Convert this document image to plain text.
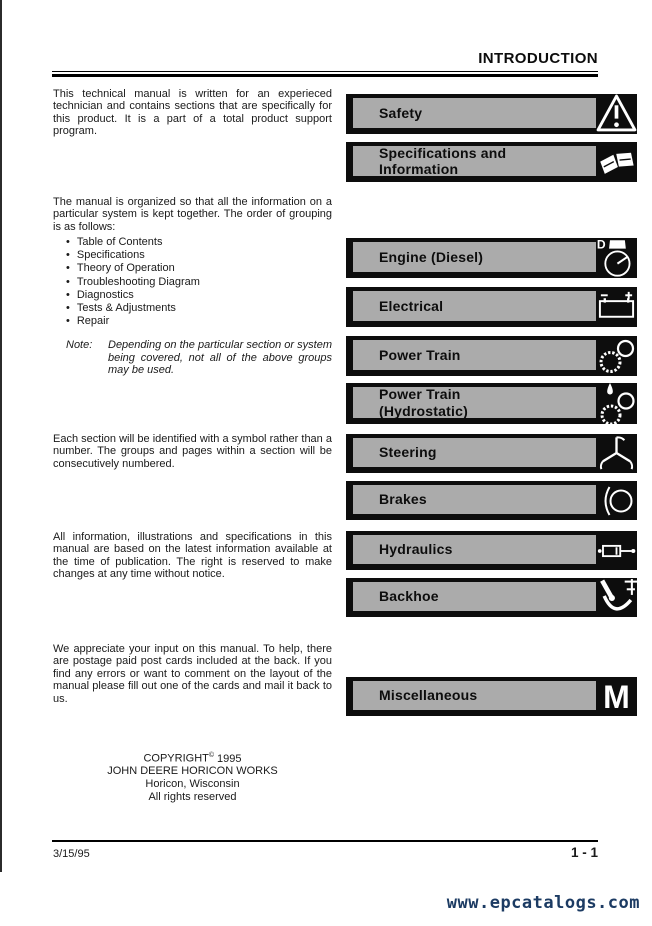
INTRODUCTION
This technical manual is written for an experieced technician and contains sections that are specifically for this product. It is a part of a total product support program.
The manual is organized so that all the information on a particular system is kept together. The order of grouping is as follows:
• Table of Contents
• Specifications
• Theory of Operation
• Troubleshooting Diagram
• Diagnostics
• Tests & Adjustments
• Repair
Note:	Depending on the particular section or system being covered, not all of the above groups may be used.
Each section will be identified with a symbol rather than a number. The groups and pages within a section will be consecutively numbered.
All information, illustrations and specifications in this manual are based on the latest information available at the time of publication. The right is reserved to make changes at any time without notice.
We appreciate your input on this manual. To help, there are postage paid post cards included at the back. If you find any errors or want to comment on the layout of the manual please fill out one of the cards and mail it back to us.
COPYRIGHT© 1995
JOHN DEERE HORICON WORKS
Horicon, Wisconsin
All rights reserved
Safety
Specifications and
Information
Engine (Diesel)
D
Electrical
Power Train
Power Train
(Hydrostatic)
Steering
Brakes
Hydraulics
Backhoe
Miscellaneous	M
3/15/95	1 - 1
www.epcatalogs.com
